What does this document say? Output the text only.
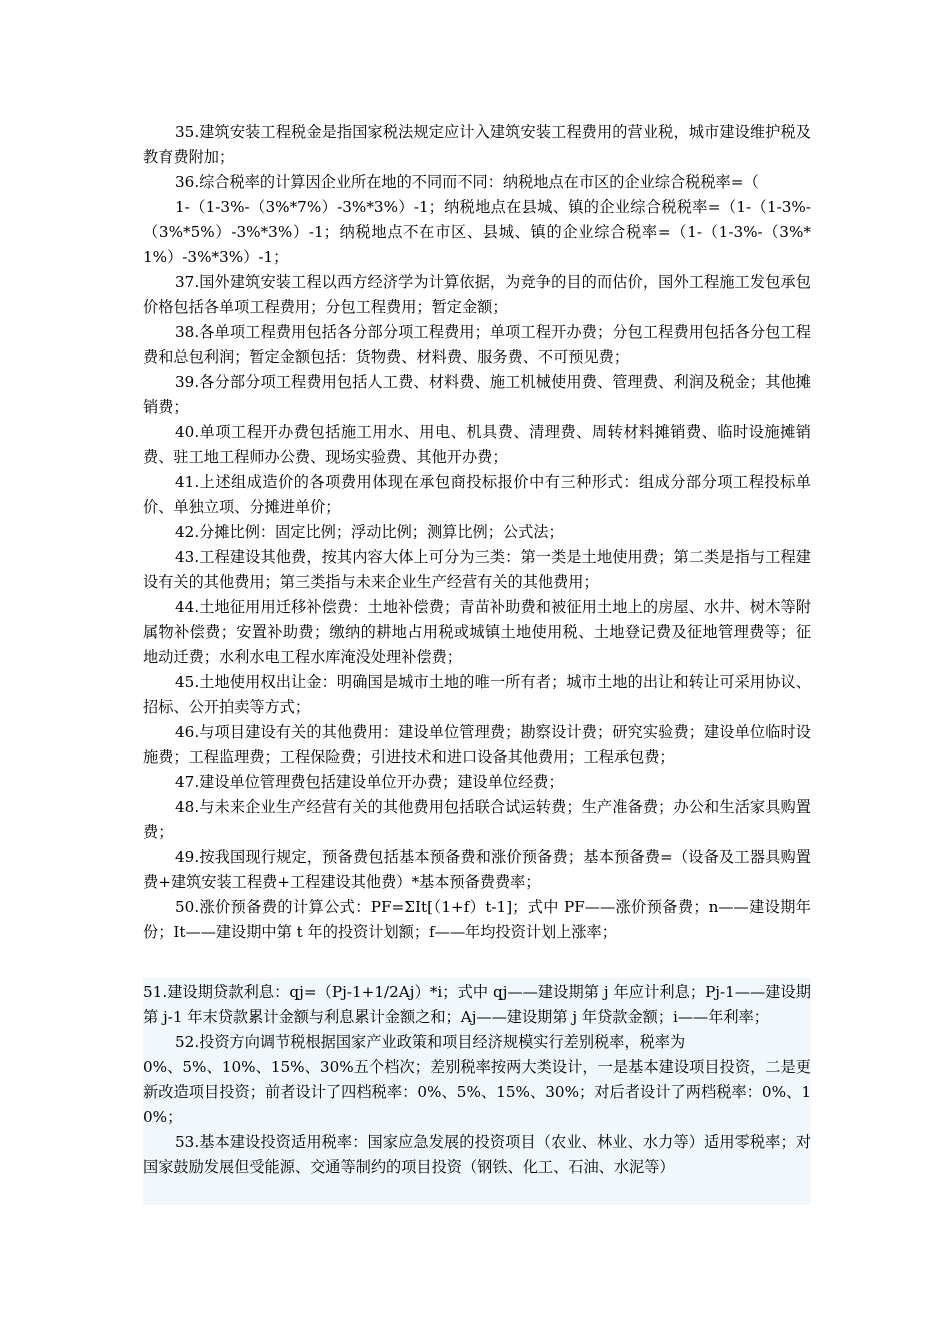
35.建筑安装工程税金是指国家税法规定应计入建筑安装工程费用的营业税，城市建设维护税及教育费附加；

36.综合税率的计算因企业所在地的不同而不同：纳税地点在市区的企业综合税税率=（

1-（1-3%-（3%*7%）-3%*3%）-1；纳税地点在县城、镇的企业综合税税率=（1-（1-3%-（3%*5%）-3%*3%）-1；纳税地点不在市区、县城、镇的企业综合税率=（1-（1-3%-（3%*1%）-3%*3%）-1；

37.国外建筑安装工程以西方经济学为计算依据，为竞争的目的而估价，国外工程施工发包承包价格包括各单项工程费用；分包工程费用；暂定金额；

38.各单项工程费用包括各分部分项工程费用；单项工程开办费；分包工程费用包括各分包工程费和总包利润；暂定金额包括：货物费、材料费、服务费、不可预见费；

39.各分部分项工程费用包括人工费、材料费、施工机械使用费、管理费、利润及税金；其他摊销费；

40.单项工程开办费包括施工用水、用电、机具费、清理费、周转材料摊销费、临时设施摊销费、驻工地工程师办公费、现场实验费、其他开办费；

41.上述组成造价的各项费用体现在承包商投标报价中有三种形式：组成分部分项工程投标单价、单独立项、分摊进单价；

42.分摊比例：固定比例；浮动比例；测算比例；公式法；

43.工程建设其他费，按其内容大体上可分为三类：第一类是土地使用费；第二类是指与工程建设有关的其他费用；第三类指与未来企业生产经营有关的其他费用；

44.土地征用用迁移补偿费：土地补偿费；青苗补助费和被征用土地上的房屋、水井、树木等附属物补偿费；安置补助费；缴纳的耕地占用税或城镇土地使用税、土地登记费及征地管理费等；征地动迁费；水利水电工程水库淹没处理补偿费；

45.土地使用权出让金：明确国是城市土地的唯一所有者；城市土地的出让和转让可采用协议、招标、公开拍卖等方式；

46.与项目建设有关的其他费用：建设单位管理费；勘察设计费；研究实验费；建设单位临时设施费；工程监理费；工程保险费；引进技术和进口设备其他费用；工程承包费；

47.建设单位管理费包括建设单位开办费；建设单位经费；

48.与未来企业生产经营有关的其他费用包括联合试运转费；生产准备费；办公和生活家具购置费；

49.按我国现行规定，预备费包括基本预备费和涨价预备费；基本预备费=（设备及工器具购置费+建筑安装工程费+工程建设其他费）*基本预备费费率；

50.涨价预备费的计算公式：PF=ΣIt[（1+f）t-1]；式中 PF——涨价预备费；n——建设期年份；It——建设期中第 t 年的投资计划额；f——年均投资计划上涨率；

51.建设期贷款利息：qj=（Pj-1+1/2Aj）*i；式中 qj——建设期第 j 年应计利息；Pj-1——建设期第 j-1 年末贷款累计金额与利息累计金额之和；Aj——建设期第 j 年贷款金额；i——年利率；

52.投资方向调节税根据国家产业政策和项目经济规模实行差别税率，税率为

0%、5%、10%、15%、30%五个档次；差别税率按两大类设计，一是基本建设项目投资，二是更新改造项目投资；前者设计了四档税率：0%、5%、15%、30%；对后者设计了两档税率：0%、10%；

53.基本建设投资适用税率：国家应急发展的投资项目（农业、林业、水力等）适用零税率；对国家鼓励发展但受能源、交通等制约的项目投资（钢铁、化工、石油、水泥等）
